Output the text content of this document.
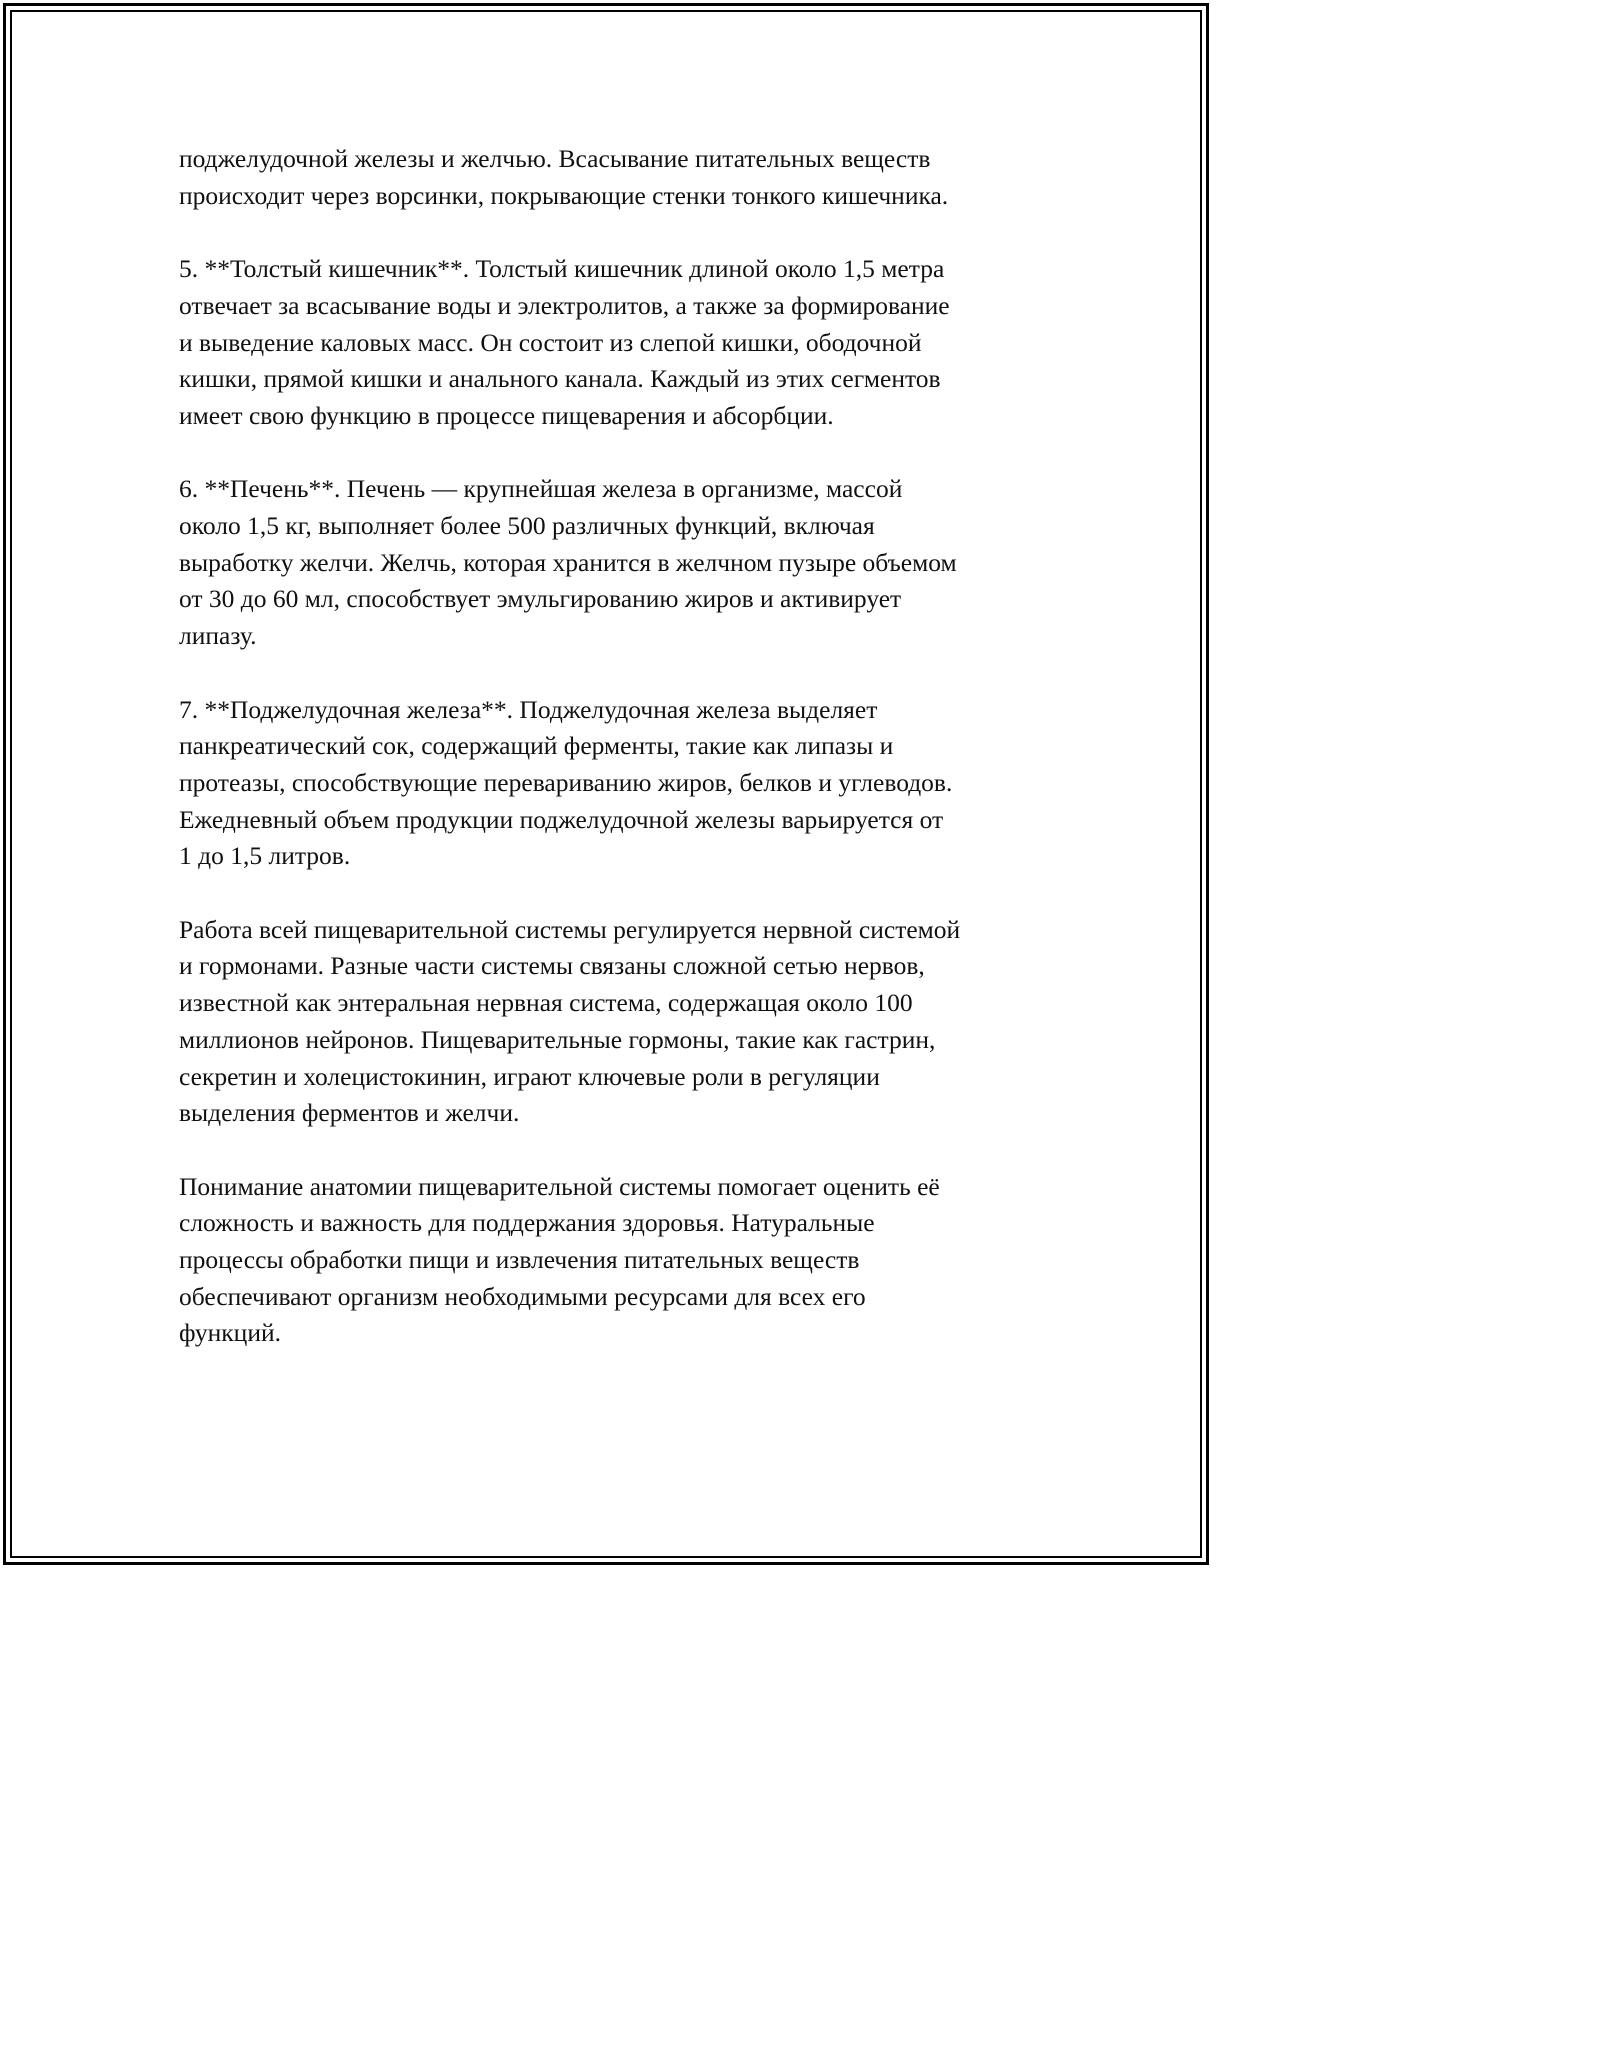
поджелудочной железы и желчью. Всасывание питательных веществ
происходит через ворсинки, покрывающие стенки тонкого кишечника.

5. **Толстый кишечник**. Толстый кишечник длиной около 1,5 метра
отвечает за всасывание воды и электролитов, а также за формирование
и выведение каловых масс. Он состоит из слепой кишки, ободочной
кишки, прямой кишки и анального канала. Каждый из этих сегментов
имеет свою функцию в процессе пищеварения и абсорбции.

6. **Печень**. Печень — крупнейшая железа в организме, массой
около 1,5 кг, выполняет более 500 различных функций, включая
выработку желчи. Желчь, которая хранится в желчном пузыре объемом
от 30 до 60 мл, способствует эмульгированию жиров и активирует
липазу.

7. **Поджелудочная железа**. Поджелудочная железа выделяет
панкреатический сок, содержащий ферменты, такие как липазы и
протеазы, способствующие перевариванию жиров, белков и углеводов.
Ежедневный объем продукции поджелудочной железы варьируется от
1 до 1,5 литров.

Работа всей пищеварительной системы регулируется нервной системой
и гормонами. Разные части системы связаны сложной сетью нервов,
известной как энтеральная нервная система, содержащая около 100
миллионов нейронов. Пищеварительные гормоны, такие как гастрин,
секретин и холецистокинин, играют ключевые роли в регуляции
выделения ферментов и желчи.

Понимание анатомии пищеварительной системы помогает оценить её
сложность и важность для поддержания здоровья. Натуральные
процессы обработки пищи и извлечения питательных веществ
обеспечивают организм необходимыми ресурсами для всех его
функций.
